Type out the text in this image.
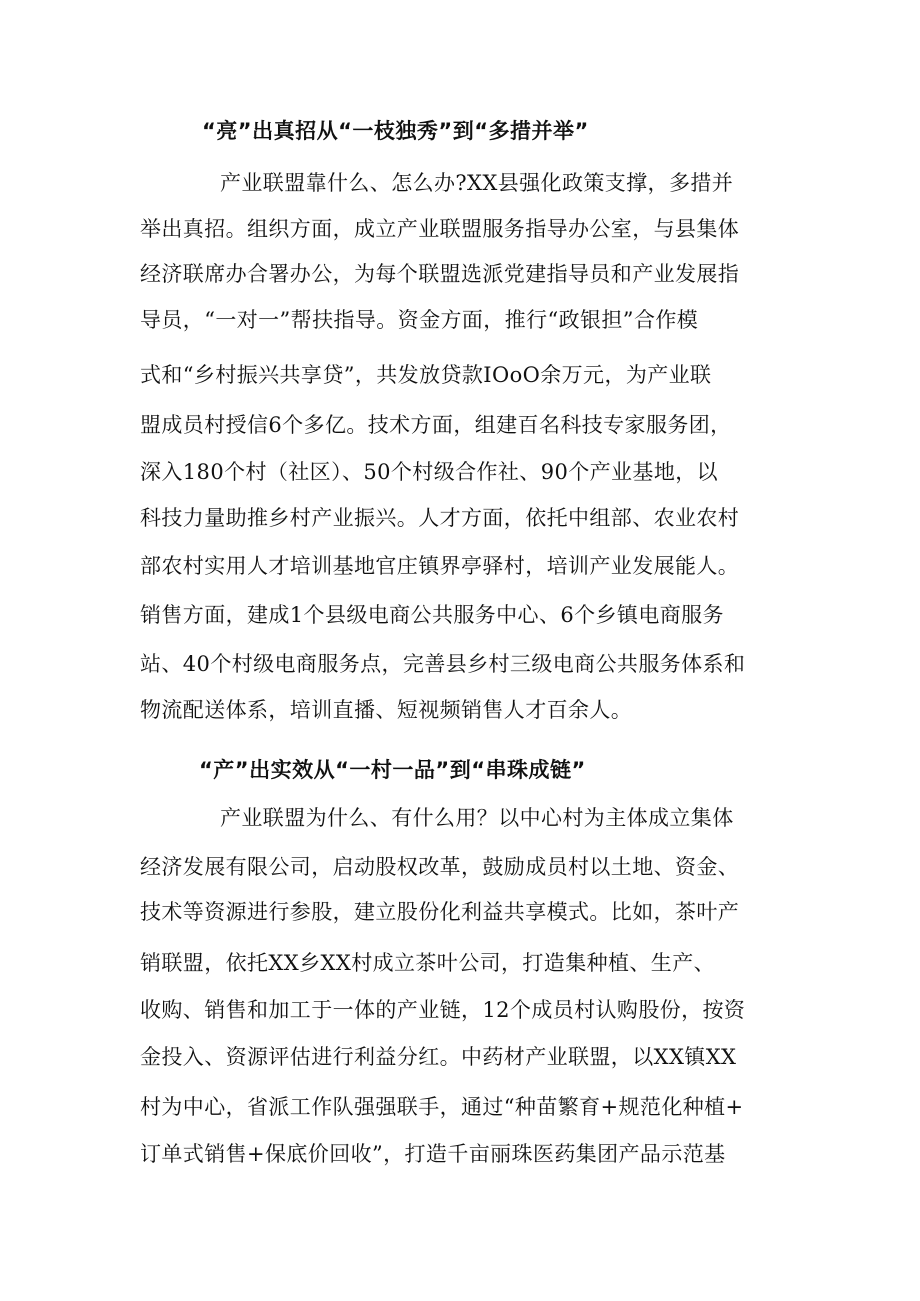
“亮”出真招从“一枝独秀”到“多措并举”

产业联盟靠什么、怎么办?XX县强化政策支撑，多措并

举出真招。组织方面，成立产业联盟服务指导办公室，与县集体

经济联席办合署办公，为每个联盟选派党建指导员和产业发展指

导员，“一对一”帮扶指导。资金方面，推行“政银担”合作模

式和“乡村振兴共享贷”，共发放贷款IOoO余万元，为产业联

盟成员村授信6个多亿。技术方面，组建百名科技专家服务团，

深入180个村（社区）、50个村级合作社、90个产业基地，以

科技力量助推乡村产业振兴。人才方面，依托中组部、农业农村

部农村实用人才培训基地官庄镇界亭驿村，培训产业发展能人。

销售方面，建成1个县级电商公共服务中心、6个乡镇电商服务

站、40个村级电商服务点，完善县乡村三级电商公共服务体系和

物流配送体系，培训直播、短视频销售人才百余人。

“产”出实效从“一村一品”到“串珠成链”

产业联盟为什么、有什么用？以中心村为主体成立集体

经济发展有限公司，启动股权改革，鼓励成员村以土地、资金、

技术等资源进行参股，建立股份化利益共享模式。比如，茶叶产

销联盟，依托XX乡XX村成立茶叶公司，打造集种植、生产、

收购、销售和加工于一体的产业链，12个成员村认购股份，按资

金投入、资源评估进行利益分红。中药材产业联盟，以XX镇XX

村为中心，省派工作队强强联手，通过“种苗繁育+规范化种植+

订单式销售+保底价回收”，打造千亩丽珠医药集团产品示范基
